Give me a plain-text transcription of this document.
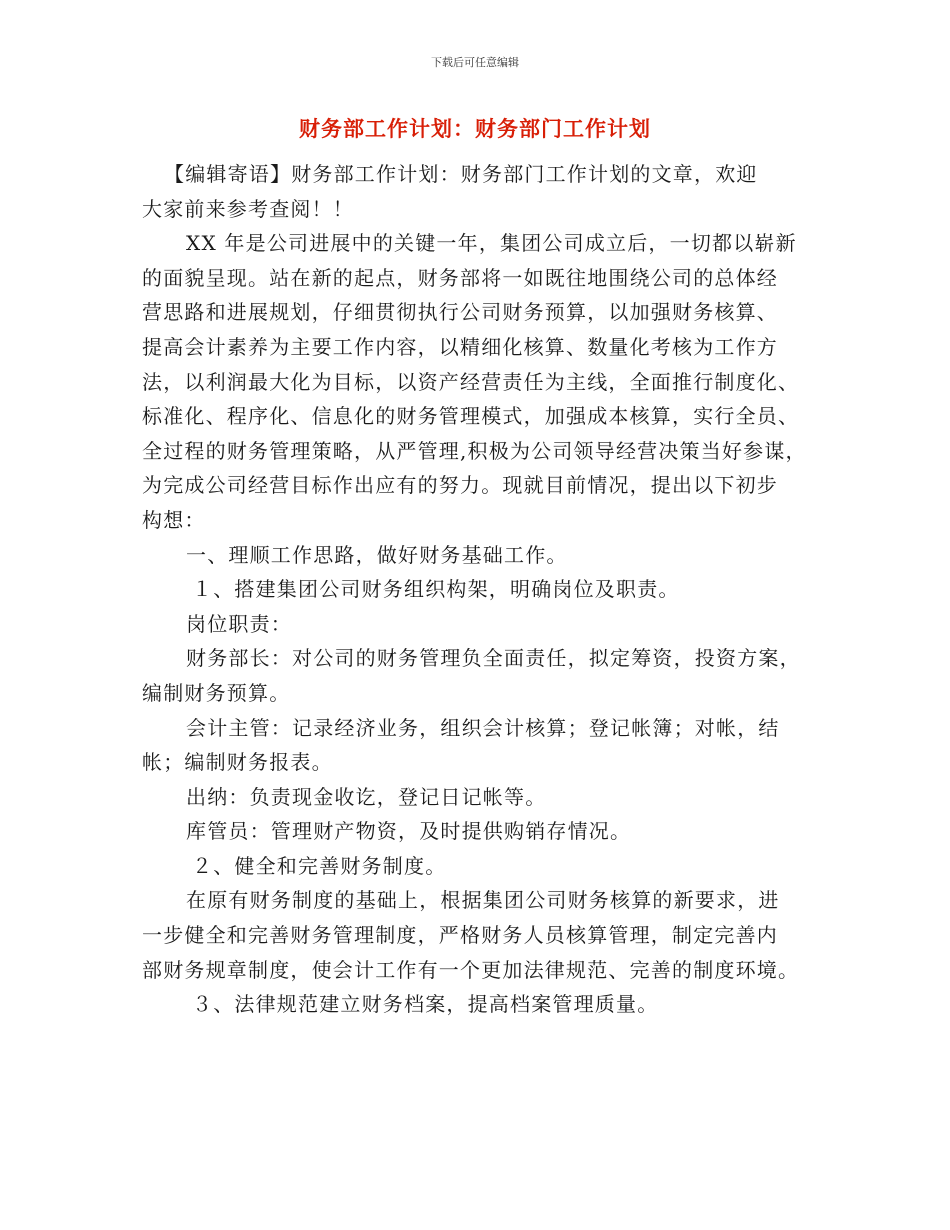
下载后可任意编辑
财务部工作计划：财务部门工作计划
【编辑寄语】财务部工作计划：财务部门工作计划的文章，欢迎
大家前来参考查阅！！
XX 年是公司进展中的关键一年，集团公司成立后，一切都以崭新
的面貌呈现。站在新的起点，财务部将一如既往地围绕公司的总体经
营思路和进展规划，仔细贯彻执行公司财务预算，以加强财务核算、
提高会计素养为主要工作内容，以精细化核算、数量化考核为工作方
法，以利润最大化为目标，以资产经营责任为主线，全面推行制度化、
标准化、程序化、信息化的财务管理模式，加强成本核算，实行全员、
全过程的财务管理策略，从严管理,积极为公司领导经营决策当好参谋，
为完成公司经营目标作出应有的努力。现就目前情况，提出以下初步
构想：
一、理顺工作思路，做好财务基础工作。
１、搭建集团公司财务组织构架，明确岗位及职责。
岗位职责：
财务部长：对公司的财务管理负全面责任，拟定筹资，投资方案，
编制财务预算。
会计主管：记录经济业务，组织会计核算；登记帐簿；对帐，结
帐；编制财务报表。
出纳：负责现金收讫，登记日记帐等。
库管员：管理财产物资，及时提供购销存情况。
２、健全和完善财务制度。
在原有财务制度的基础上，根据集团公司财务核算的新要求，进
一步健全和完善财务管理制度，严格财务人员核算管理，制定完善内
部财务规章制度，使会计工作有一个更加法律规范、完善的制度环境。
３、法律规范建立财务档案，提高档案管理质量。
